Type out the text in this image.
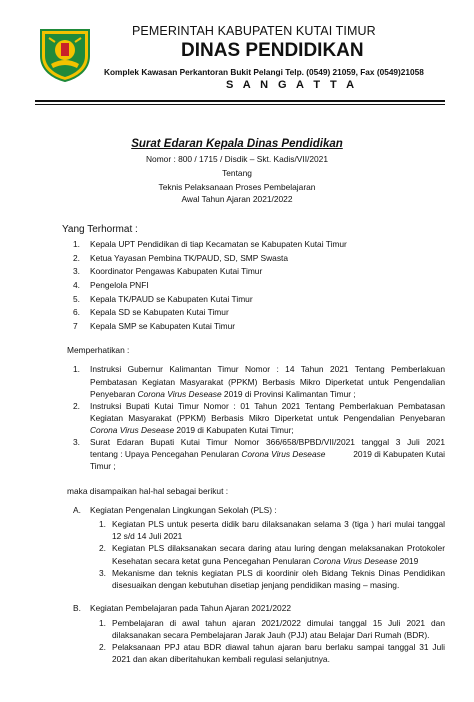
PEMERINTAH KABUPATEN KUTAI TIMUR
DINAS PENDIDIKAN
Komplek Kawasan Perkantoran Bukit Pelangi Telp. (0549) 21059, Fax (0549)21058
S A N G A T T A
Surat Edaran Kepala Dinas Pendidikan
Nomor : 800 / 1715 / Disdik – Skt. Kadis/VII/2021
Tentang
Teknis Pelaksanaan Proses Pembelajaran
Awal Tahun Ajaran 2021/2022
Yang Terhormat :
1. Kepala UPT Pendidikan di tiap Kecamatan se Kabupaten Kutai Timur
2. Ketua Yayasan Pembina TK/PAUD, SD, SMP Swasta
3. Koordinator Pengawas Kabupaten Kutai Timur
4. Pengelola PNFI
5. Kepala TK/PAUD se Kabupaten Kutai Timur
6. Kepala SD se Kabupaten Kutai Timur
7 Kepala SMP se Kabupaten Kutai Timur
Memperhatikan :
1. Instruksi Gubernur Kalimantan Timur Nomor : 14 Tahun 2021 Tentang Pemberlakuan
Pembatasan Kegiatan Masyarakat (PPKM) Berbasis Mikro Diperketat untuk Pengendalian
Penyebaran Corona Virus Desease 2019 di Provinsi Kalimantan Timur ;
2. Instruksi Bupati Kutai Timur Nomor : 01 Tahun 2021 Tentang Pemberlakuan Pembatasan
Kegiatan Masyarakat (PPKM) Berbasis Mikro Diperketat untuk Pengendalian Penyebaran
Corona Virus Desease 2019 di Kabupaten Kutai Timur;
3. Surat Edaran Bupati Kutai Timur Nomor 366/658/BPBD/VII/2021 tanggal 3 Juli 2021
tentang : Upaya Pencegahan Penularan Corona Virus Desease	2019 di Kabupaten Kutai
Timur ;
maka disampaikan hal-hal sebagai berikut :
A. Kegiatan Pengenalan Lingkungan Sekolah (PLS) :
1. Kegiatan PLS untuk peserta didik baru dilaksanakan selama 3 (tiga ) hari mulai tanggal
12 s/d 14 Juli 2021
2. Kegiatan PLS dilaksanakan secara daring atau luring dengan melaksanakan Protokoler
Kesehatan secara ketat guna Pencegahan Penularan Corona Virus Desease 2019
3. Mekanisme dan teknis kegiatan PLS di koordinir oleh Bidang Teknis Dinas Pendidikan
disesuaikan dengan kebutuhan disetiap jenjang pendidikan masing – masing.
B. Kegiatan Pembelajaran pada Tahun Ajaran 2021/2022
1. Pembelajaran di awal tahun ajaran 2021/2022 dimulai tanggal 15 Juli 2021 dan
dilaksanakan secara Pembelajaran Jarak Jauh (PJJ) atau Belajar Dari Rumah (BDR).
2. Pelaksanaan PPJ atau BDR diawal tahun ajaran baru berlaku sampai tanggal 31 Juli
2021 dan akan diberitahukan kembali regulasi selanjutnya.
